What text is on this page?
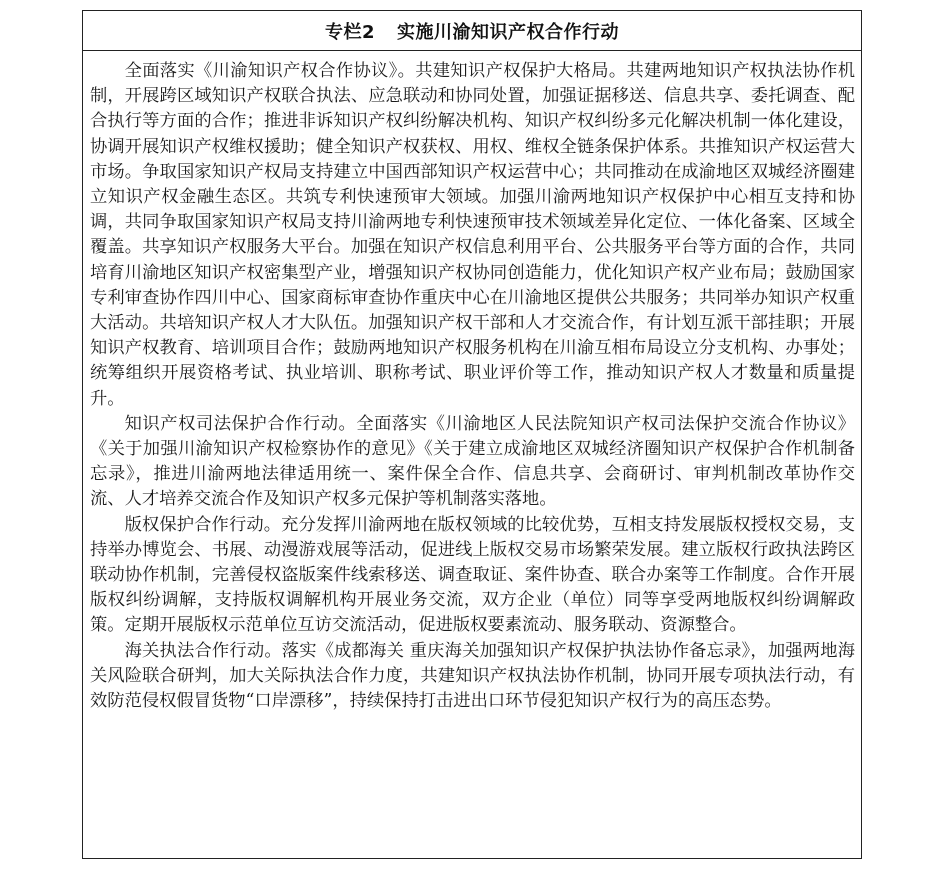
专栏2 实施川渝知识产权合作行动

全面落实《川渝知识产权合作协议》。共建知识产权保护大格局。共建两地知识产权执法协作机制，开展跨区域知识产权联合执法、应急联动和协同处置，加强证据移送、信息共享、委托调查、配合执行等方面的合作；推进非诉知识产权纠纷解决机构、知识产权纠纷多元化解决机制一体化建设，协调开展知识产权维权援助；健全知识产权获权、用权、维权全链条保护体系。共推知识产权运营大市场。争取国家知识产权局支持建立中国西部知识产权运营中心；共同推动在成渝地区双城经济圈建立知识产权金融生态区。共筑专利快速预审大领域。加强川渝两地知识产权保护中心相互支持和协调，共同争取国家知识产权局支持川渝两地专利快速预审技术领域差异化定位、一体化备案、区域全覆盖。共享知识产权服务大平台。加强在知识产权信息利用平台、公共服务平台等方面的合作，共同培育川渝地区知识产权密集型产业，增强知识产权协同创造能力，优化知识产权产业布局；鼓励国家专利审查协作四川中心、国家商标审查协作重庆中心在川渝地区提供公共服务；共同举办知识产权重大活动。共培知识产权人才大队伍。加强知识产权干部和人才交流合作，有计划互派干部挂职；开展知识产权教育、培训项目合作；鼓励两地知识产权服务机构在川渝互相布局设立分支机构、办事处；统筹组织开展资格考试、执业培训、职称考试、职业评价等工作，推动知识产权人才数量和质量提升。

知识产权司法保护合作行动。全面落实《川渝地区人民法院知识产权司法保护交流合作协议》《关于加强川渝知识产权检察协作的意见》《关于建立成渝地区双城经济圈知识产权保护合作机制备忘录》，推进川渝两地法律适用统一、案件保全合作、信息共享、会商研讨、审判机制改革协作交流、人才培养交流合作及知识产权多元保护等机制落实落地。

版权保护合作行动。充分发挥川渝两地在版权领域的比较优势，互相支持发展版权授权交易，支持举办博览会、书展、动漫游戏展等活动，促进线上版权交易市场繁荣发展。建立版权行政执法跨区联动协作机制，完善侵权盗版案件线索移送、调查取证、案件协查、联合办案等工作制度。合作开展版权纠纷调解，支持版权调解机构开展业务交流，双方企业（单位）同等享受两地版权纠纷调解政策。定期开展版权示范单位互访交流活动，促进版权要素流动、服务联动、资源整合。

海关执法合作行动。落实《成都海关 重庆海关加强知识产权保护执法协作备忘录》，加强两地海关风险联合研判，加大关际执法合作力度，共建知识产权执法协作机制，协同开展专项执法行动，有效防范侵权假冒货物“口岸漂移”，持续保持打击进出口环节侵犯知识产权行为的高压态势。
